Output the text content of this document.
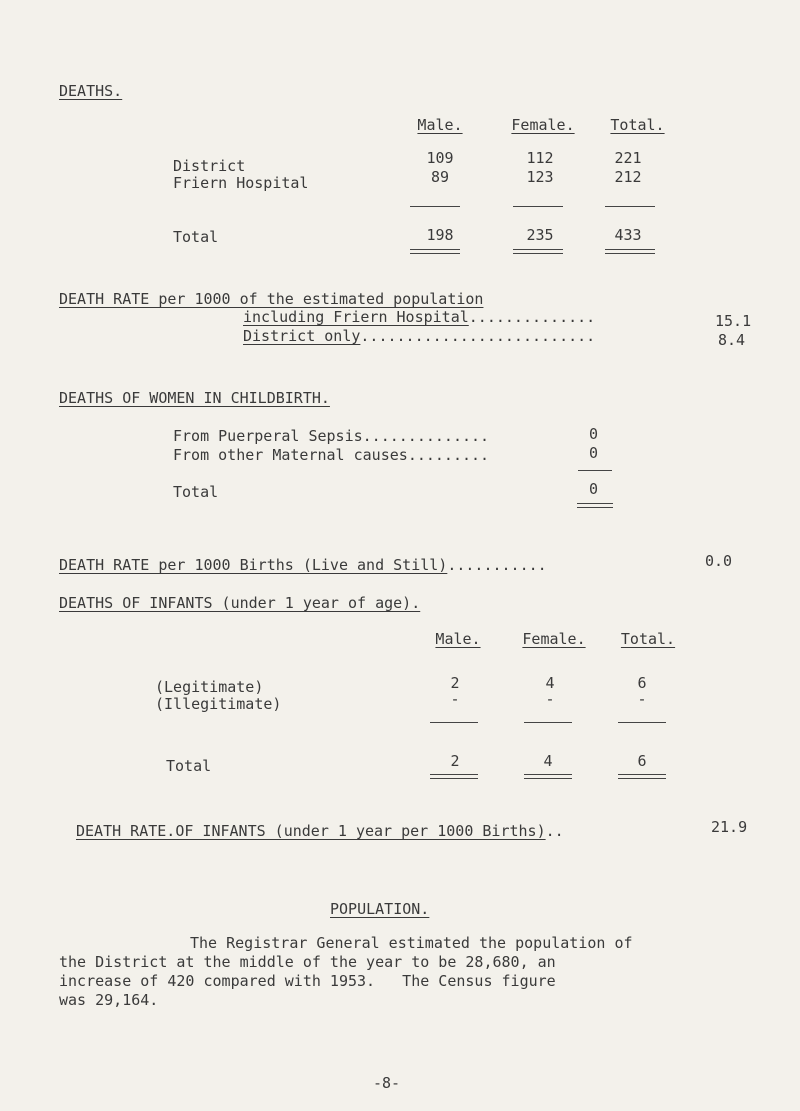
DEATHS.
Male.	Female.	Total.
District	109	112	221
Friern Hospital	89	123	212
Total	198	235	433
DEATH RATE per 1000 of the estimated population
including Friern Hospital..............	15.1
District only..........................	8.4
DEATHS OF WOMEN IN CHILDBIRTH.
From Puerperal Sepsis..............	0
From other Maternal causes.........	0
Total	0
DEATH RATE per 1000 Births (Live and Still)...........	0.0
DEATHS OF INFANTS (under 1 year of age).
Male.	Female.	Total.
(Legitimate)	2	4	6
(Illegitimate)	-	-	-
Total	2	4	6
DEATH RATE.OF INFANTS (under 1 year per 1000 Births)..	21.9
POPULATION.
The Registrar General estimated the population of
the District at the middle of the year to be 28,680, an
increase of 420 compared with 1953.   The Census figure
was 29,164.
-8-
